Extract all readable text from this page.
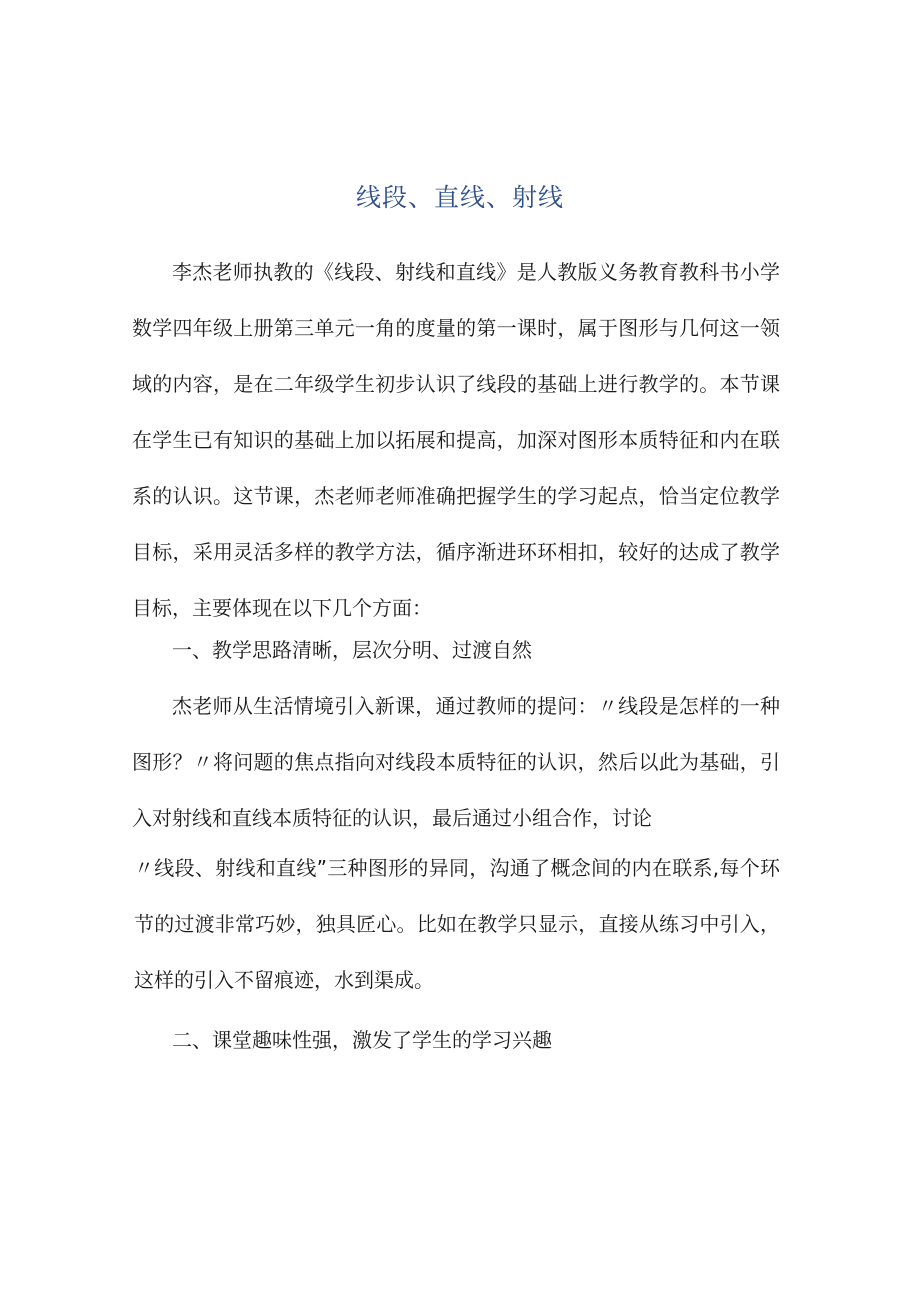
线段、直线、射线

李杰老师执教的《线段、射线和直线》是人教版义务教育教科书小学数学四年级上册第三单元一角的度量的第一课时，属于图形与几何这一领域的内容，是在二年级学生初步认识了线段的基础上进行教学的。本节课在学生已有知识的基础上加以拓展和提高，加深对图形本质特征和内在联系的认识。这节课，杰老师老师准确把握学生的学习起点，恰当定位教学目标，采用灵活多样的教学方法，循序渐进环环相扣，较好的达成了教学目标，主要体现在以下几个方面：

一、教学思路清晰，层次分明、过渡自然

杰老师从生活情境引入新课，通过教师的提问：〃线段是怎样的一种图形？〃将问题的焦点指向对线段本质特征的认识，然后以此为基础，引入对射线和直线本质特征的认识，最后通过小组合作，讨论

〃线段、射线和直线”三种图形的异同，沟通了概念间的内在联系,每个环节的过渡非常巧妙，独具匠心。比如在教学只显示，直接从练习中引入，这样的引入不留痕迹，水到渠成。

二、课堂趣味性强，激发了学生的学习兴趣
